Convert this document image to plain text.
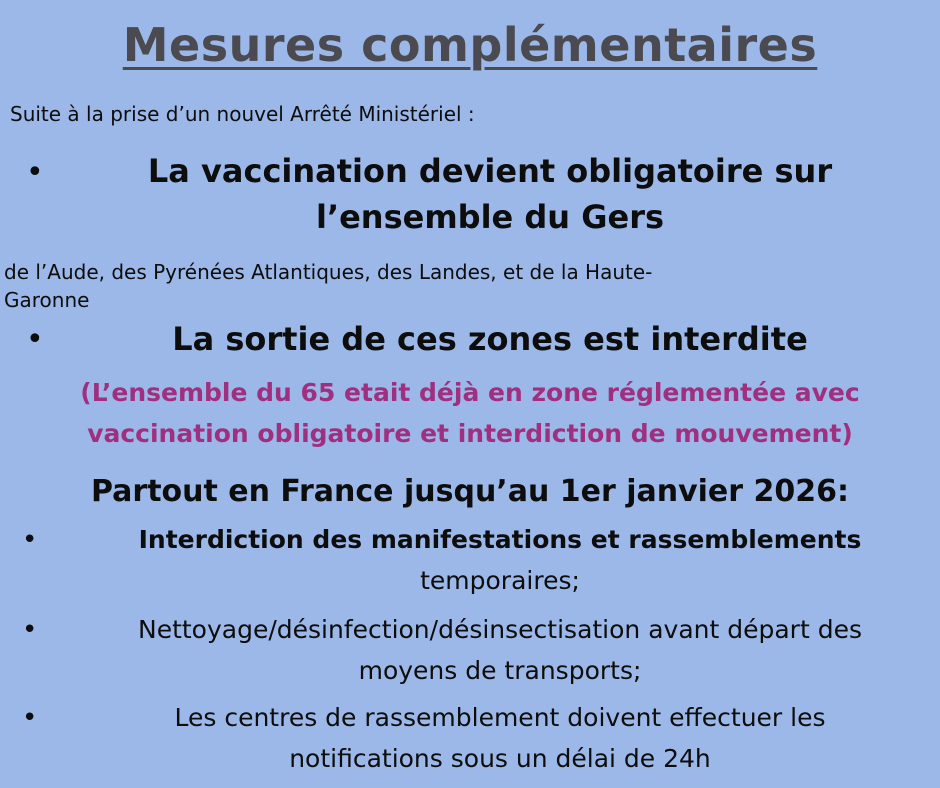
Mesures complémentaires
Suite à la prise d’un nouvel Arrêté Ministériel :
•	La vaccination devient obligatoire sur
l’ensemble du Gers
de l’Aude, des Pyrénées Atlantiques, des Landes, et de la Haute-
Garonne
•	La sortie de ces zones est interdite
(L’ensemble du 65 etait déjà en zone réglementée avec
vaccination obligatoire et interdiction de mouvement)
Partout en France jusqu’au 1er janvier 2026:
•	Interdiction des manifestations et rassemblements
temporaires;
•	Nettoyage/désinfection/désinsectisation avant départ des
moyens de transports;
•	Les centres de rassemblement doivent effectuer les
notifications sous un délai de 24h
